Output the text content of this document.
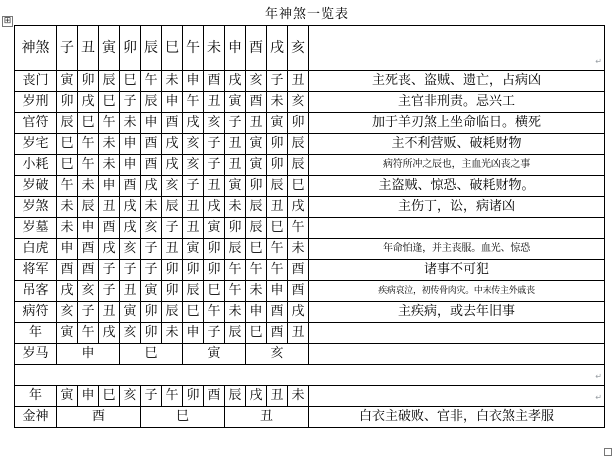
年神煞一览表
⊞
神煞	子	丑	寅	卯	辰	巳	午	未	申	酉	戌	亥	↵

丧门	寅	卯	辰	巳	午	未	申	酉	戌	亥	子	丑	主死丧、盗贼、遗亡，占病凶
岁刑	卯	戌	巳	子	辰	申	午	丑	寅	酉	未	亥	主官非刑责。忌兴工
官符	辰	巳	午	未	申	酉	戌	亥	子	丑	寅	卯	加于羊刃煞上坐命临日。横死
岁宅	巳	午	未	申	酉	戌	亥	子	丑	寅	卯	辰	主不利营贩、破耗财物
小耗	巳	午	未	申	酉	戌	亥	子	丑	寅	卯	辰	病符所冲之辰也，主血光凶丧之事
岁破	午	未	申	酉	戌	亥	子	丑	寅	卯	辰	巳	主盗贼、惊恐、破耗财物。
岁煞	未	辰	丑	戌	未	辰	丑	戌	未	辰	丑	戌	主伤丁，讼，病诸凶
岁墓	未	申	酉	戌	亥	子	丑	寅	卯	辰	巳	午	
白虎	申	酉	戌	亥	子	丑	寅	卯	辰	巳	午	未	年命怕逢，并主丧服。血光、惊恐
将军	酉	酉	子	子	子	卯	卯	卯	午	午	午	酉	诸事不可犯
吊客	戌	亥	子	丑	寅	卯	辰	巳	午	未	申	酉	疾病哀泣，初传骨肉灾。中末传主外戚丧
病符	亥	子	丑	寅	卯	辰	巳	午	未	申	酉	戌	主疾病，或去年旧事
年	寅	午	戌	亥	卯	未	申	子	辰	巳	酉	丑	
岁马	申			巳			寅			亥			

↵													

年	寅	申	巳	亥	子	午	卯	酉	辰	戌	丑	未	↵

金神	酉				巳				丑				白衣主破败、官非，白衣煞主孝服
